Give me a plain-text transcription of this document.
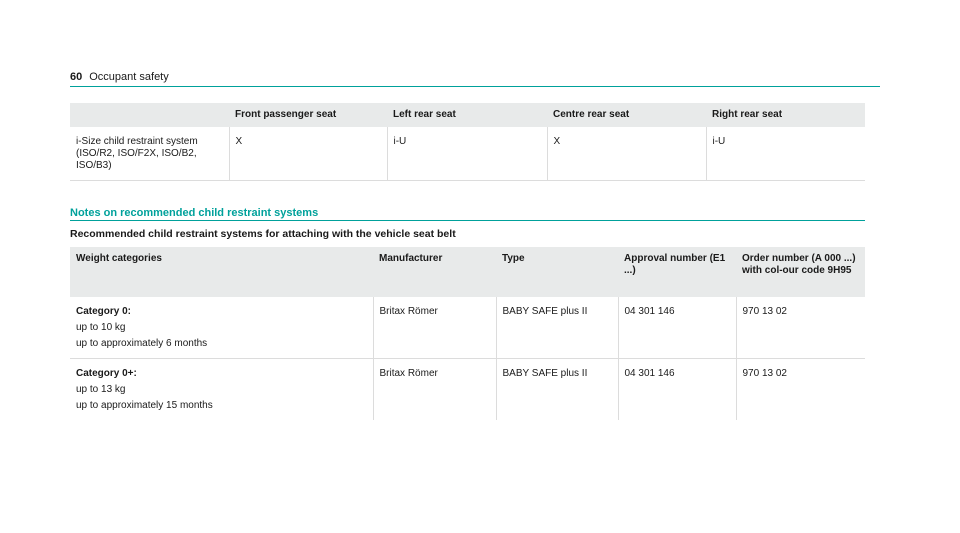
60 Occupant safety
	Front passenger seat	Left rear seat	Centre rear seat	Right rear seat
i-Size child restraint system (ISO/R2, ISO/F2X, ISO/B2, ISO/B3)	X	i-U	X	i-U
Notes on recommended child restraint systems
Recommended child restraint systems for attaching with the vehicle seat belt
Weight categories	Manufacturer	Type	Approval number (E1 ...)	Order number (A 000 ...) with col-our code 9H95

Category 0:
up to 10 kg
up to approximately 6 months	Britax Römer	BABY SAFE plus II	04 301 146	970 13 02

Category 0+:
up to 13 kg
up to approximately 15 months	Britax Römer	BABY SAFE plus II	04 301 146	970 13 02
